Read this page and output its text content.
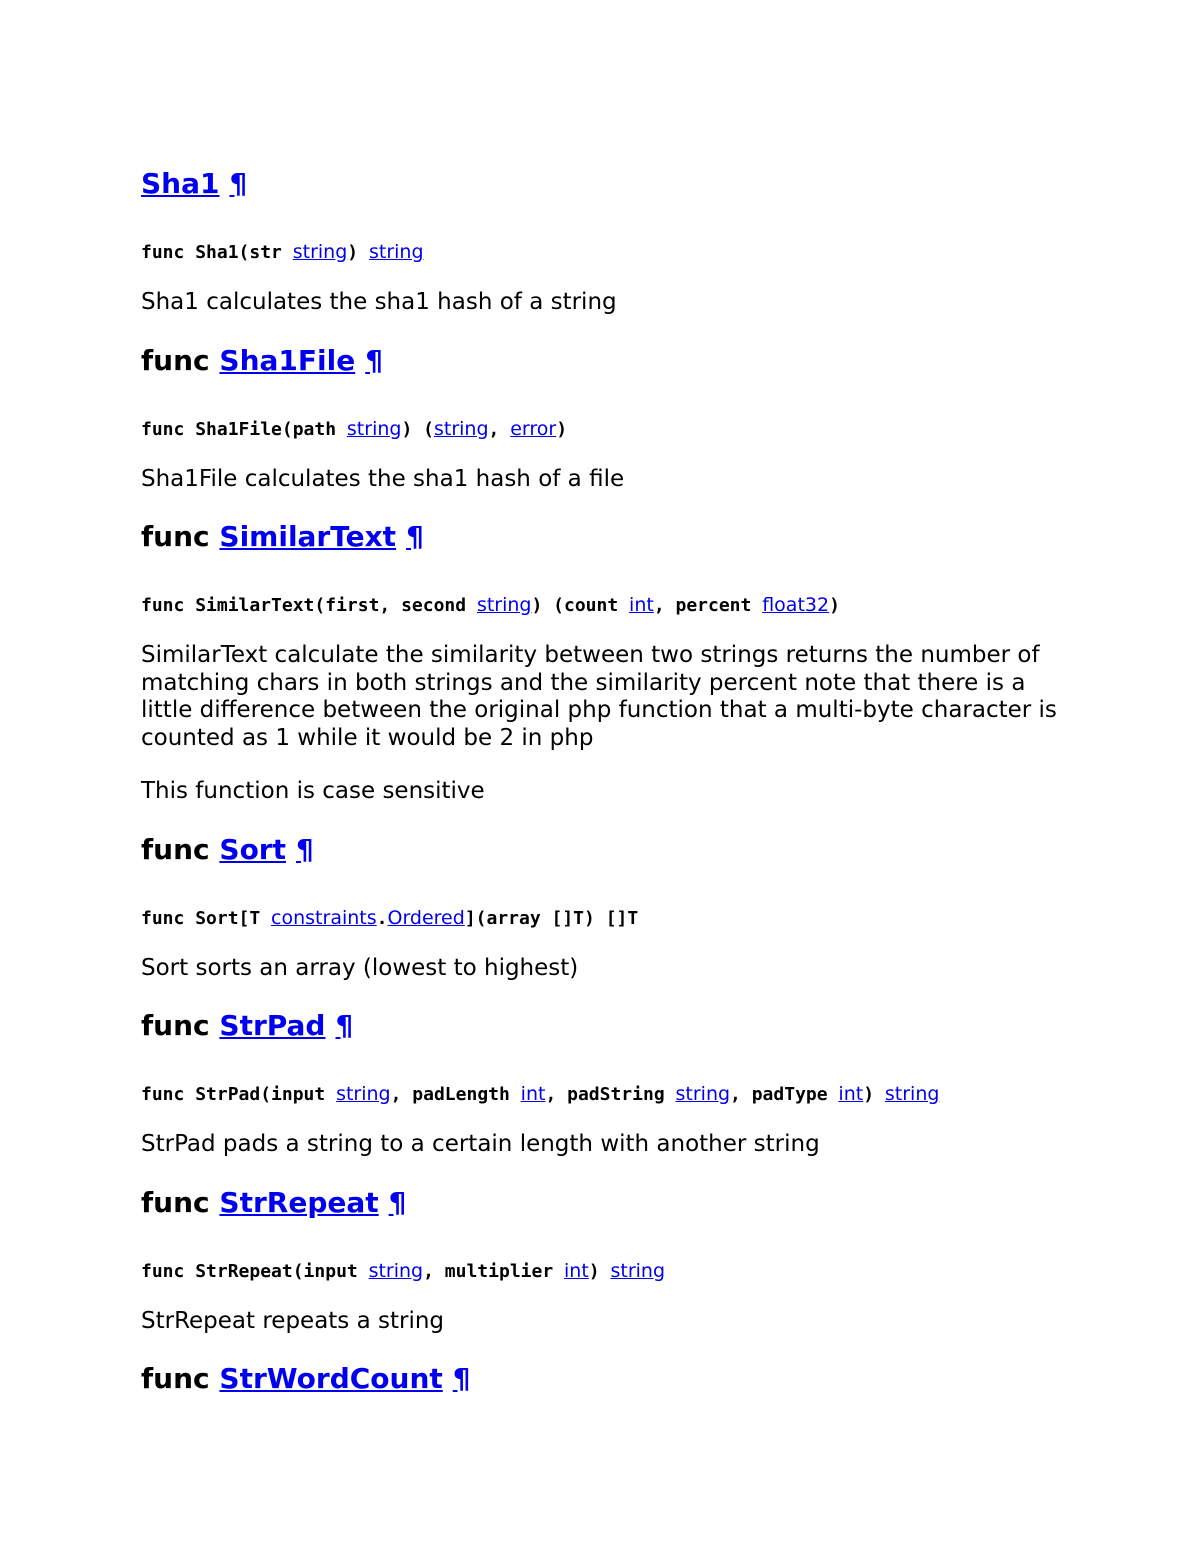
Sha1 ¶

func Sha1(str string) string

Sha1 calculates the sha1 hash of a string

func Sha1File ¶

func Sha1File(path string) (string, error)

Sha1File calculates the sha1 hash of a file

func SimilarText ¶

func SimilarText(first, second string) (count int, percent float32)

SimilarText calculate the similarity between two strings returns the number of matching chars in both strings and the similarity percent note that there is a little difference between the original php function that a multi-byte character is counted as 1 while it would be 2 in php

This function is case sensitive

func Sort ¶

func Sort[T constraints.Ordered](array []T) []T

Sort sorts an array (lowest to highest)

func StrPad ¶

func StrPad(input string, padLength int, padString string, padType int) string

StrPad pads a string to a certain length with another string

func StrRepeat ¶

func StrRepeat(input string, multiplier int) string

StrRepeat repeats a string

func StrWordCount ¶
